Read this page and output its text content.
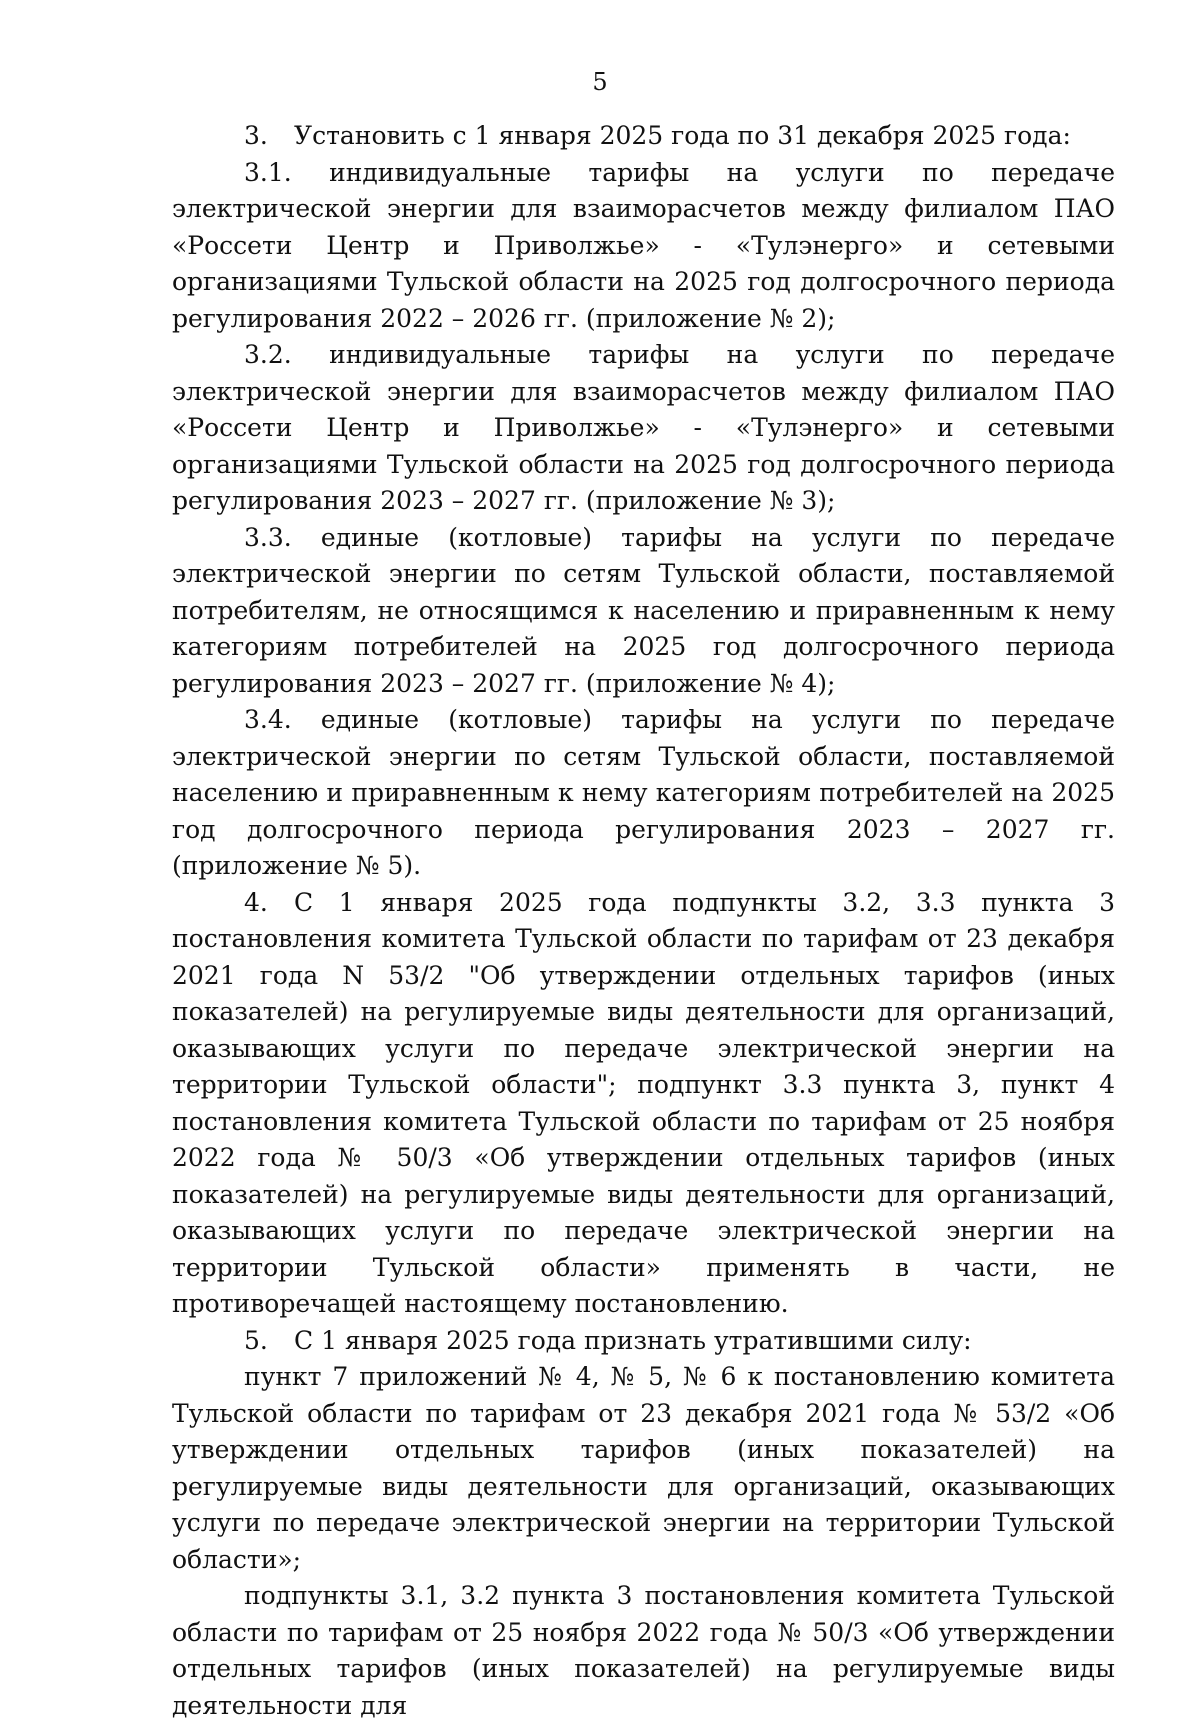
5

3. Установить с 1 января 2025 года по 31 декабря 2025 года:

3.1. индивидуальные тарифы на услуги по передаче электрической энергии для взаиморасчетов между филиалом ПАО «Россети Центр и Приволжье» - «Тулэнерго» и сетевыми организациями Тульской области на 2025 год долгосрочного периода регулирования 2022 – 2026 гг. (приложение № 2);

3.2. индивидуальные тарифы на услуги по передаче электрической энергии для взаиморасчетов между филиалом ПАО «Россети Центр и Приволжье» - «Тулэнерго» и сетевыми организациями Тульской области на 2025 год долгосрочного периода регулирования 2023 – 2027 гг. (приложение № 3);

3.3. единые (котловые) тарифы на услуги по передаче электрической энергии по сетям Тульской области, поставляемой потребителям, не относящимся к населению и приравненным к нему категориям потребителей на 2025 год долгосрочного периода регулирования 2023 – 2027 гг. (приложение № 4);

3.4. единые (котловые) тарифы на услуги по передаче электрической энергии по сетям Тульской области, поставляемой населению и приравненным к нему категориям потребителей на 2025 год долгосрочного периода регулирования 2023 – 2027 гг. (приложение № 5).

4. С 1 января 2025 года подпункты 3.2, 3.3 пункта 3 постановления комитета Тульской области по тарифам от 23 декабря 2021 года N 53/2 "Об утверждении отдельных тарифов (иных показателей) на регулируемые виды деятельности для организаций, оказывающих услуги по передаче электрической энергии на территории Тульской области"; подпункт 3.3 пункта 3, пункт 4 постановления комитета Тульской области по тарифам от 25 ноября 2022 года № 50/3 «Об утверждении отдельных тарифов (иных показателей) на регулируемые виды деятельности для организаций, оказывающих услуги по передаче электрической энергии на территории Тульской области» применять в части, не противоречащей настоящему постановлению.

5. С 1 января 2025 года признать утратившими силу:

пункт 7 приложений № 4, № 5, № 6 к постановлению комитета Тульской области по тарифам от 23 декабря 2021 года № 53/2 «Об утверждении отдельных тарифов (иных показателей) на регулируемые виды деятельности для организаций, оказывающих услуги по передаче электрической энергии на территории Тульской области»;

подпункты 3.1, 3.2 пункта 3 постановления комитета Тульской области по тарифам от 25 ноября 2022 года № 50/3 «Об утверждении отдельных тарифов (иных показателей) на регулируемые виды деятельности для
